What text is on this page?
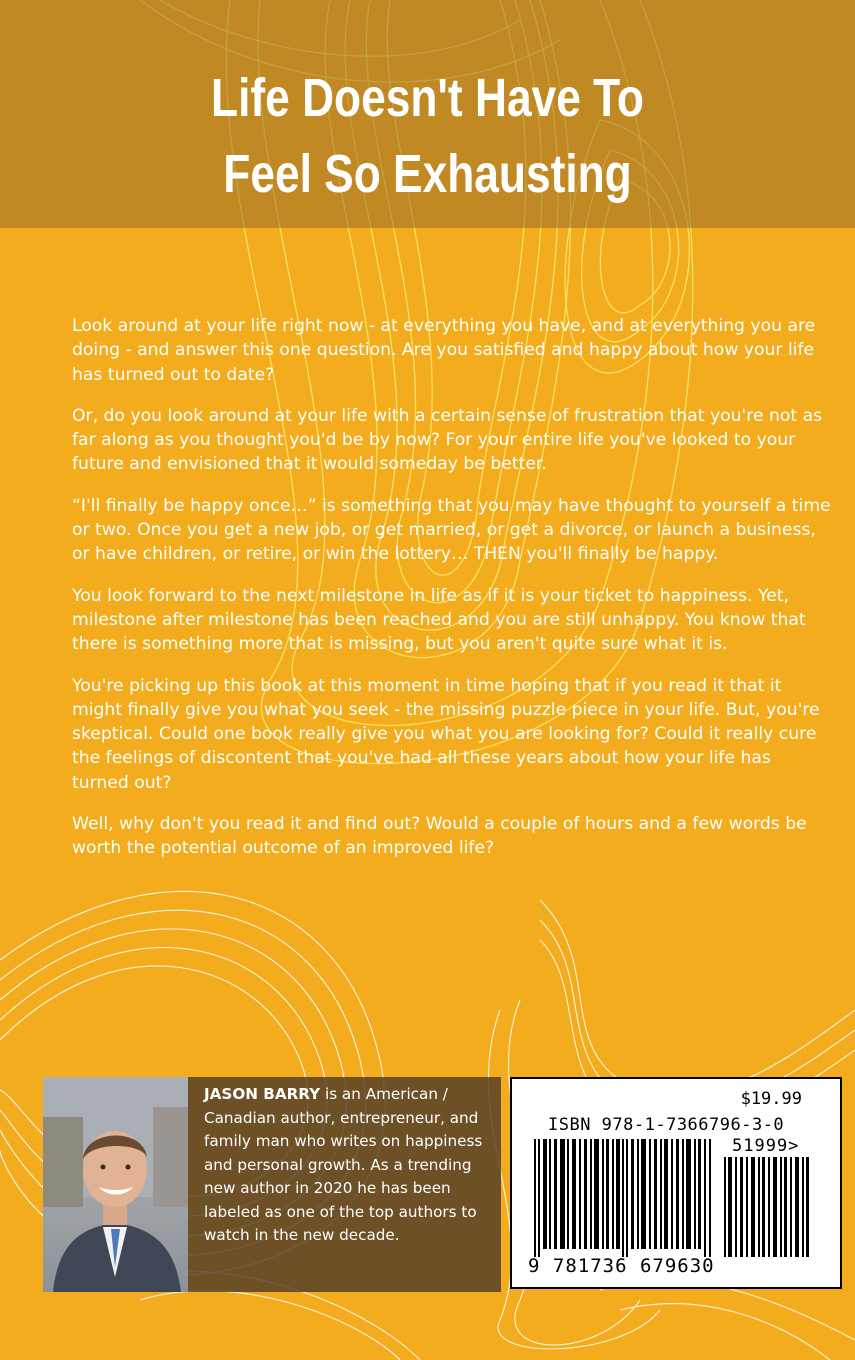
Life Doesn't Have To
Feel So Exhausting

Look around at your life right now - at everything you have, and at everything you are doing - and answer this one question. Are you satisfied and happy about how your life has turned out to date?

Or, do you look around at your life with a certain sense of frustration that you're not as far along as you thought you'd be by now? For your entire life you've looked to your future and envisioned that it would someday be better.

“I'll finally be happy once…” is something that you may have thought to yourself a time or two. Once you get a new job, or get married, or get a divorce, or launch a business, or have children, or retire, or win the lottery… THEN you'll finally be happy.

You look forward to the next milestone in life as if it is your ticket to happiness. Yet, milestone after milestone has been reached and you are still unhappy. You know that there is something more that is missing, but you aren't quite sure what it is.

You're picking up this book at this moment in time hoping that if you read it that it might finally give you what you seek - the missing puzzle piece in your life. But, you're skeptical. Could one book really give you what you are looking for? Could it really cure the feelings of discontent that you've had all these years about how your life has turned out?

Well, why don't you read it and find out? Would a couple of hours and a few words be worth the potential outcome of an improved life?

JASON BARRY is an American / Canadian author, entrepreneur, and family man who writes on happiness and personal growth. As a trending new author in 2020 he has been labeled as one of the top authors to watch in the new decade.
$19.99
ISBN 978-1-7366796-3-0
51999>
9 781736 679630
